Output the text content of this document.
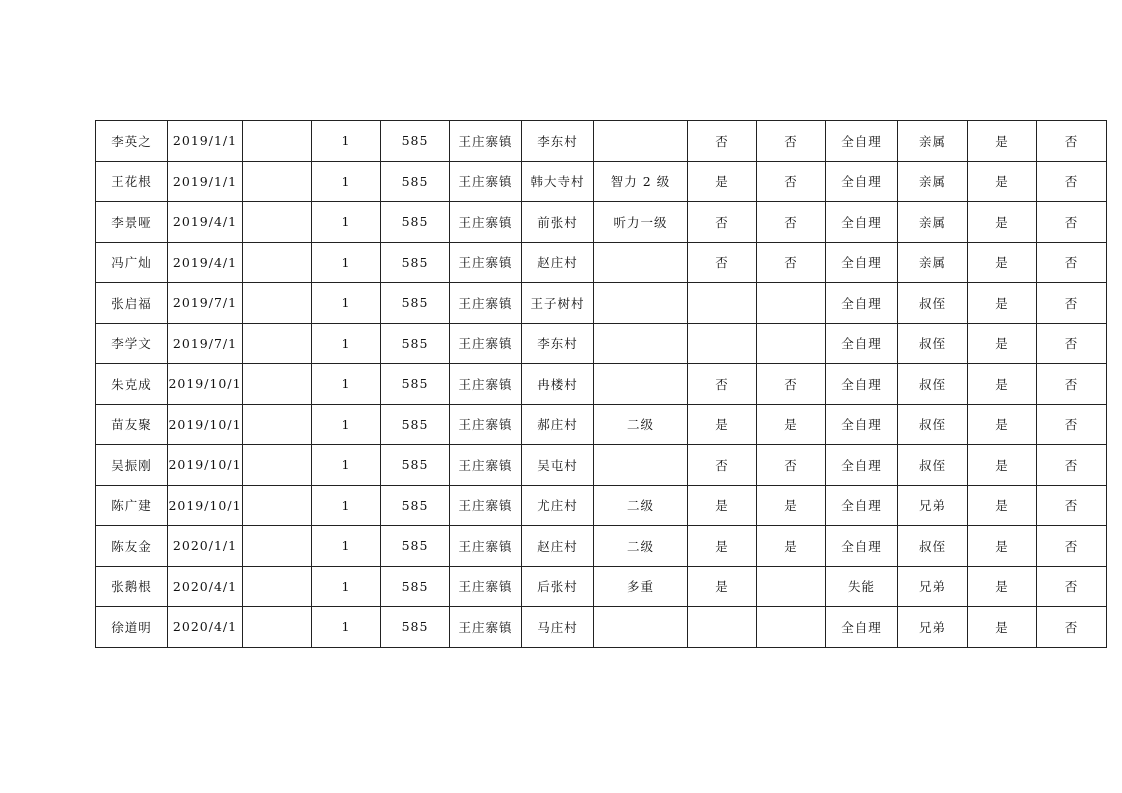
李英之	2019/1/1		1	585	王庄寨镇	李东村		否	否	全自理	亲属	是	否
王花根	2019/1/1		1	585	王庄寨镇	韩大寺村	智力 2 级	是	否	全自理	亲属	是	否
李景哑	2019/4/1		1	585	王庄寨镇	前张村	听力一级	否	否	全自理	亲属	是	否
冯广灿	2019/4/1		1	585	王庄寨镇	赵庄村		否	否	全自理	亲属	是	否
张启福	2019/7/1		1	585	王庄寨镇	王子树村				全自理	叔侄	是	否
李学文	2019/7/1		1	585	王庄寨镇	李东村				全自理	叔侄	是	否
朱克成	2019/10/1		1	585	王庄寨镇	冉楼村		否	否	全自理	叔侄	是	否
苗友聚	2019/10/1		1	585	王庄寨镇	郝庄村	二级	是	是	全自理	叔侄	是	否
吴振刚	2019/10/1		1	585	王庄寨镇	吴屯村		否	否	全自理	叔侄	是	否
陈广建	2019/10/1		1	585	王庄寨镇	尤庄村	二级	是	是	全自理	兄弟	是	否
陈友金	2020/1/1		1	585	王庄寨镇	赵庄村	二级	是	是	全自理	叔侄	是	否
张鹅根	2020/4/1		1	585	王庄寨镇	后张村	多重	是		失能	兄弟	是	否
徐道明	2020/4/1		1	585	王庄寨镇	马庄村				全自理	兄弟	是	否
